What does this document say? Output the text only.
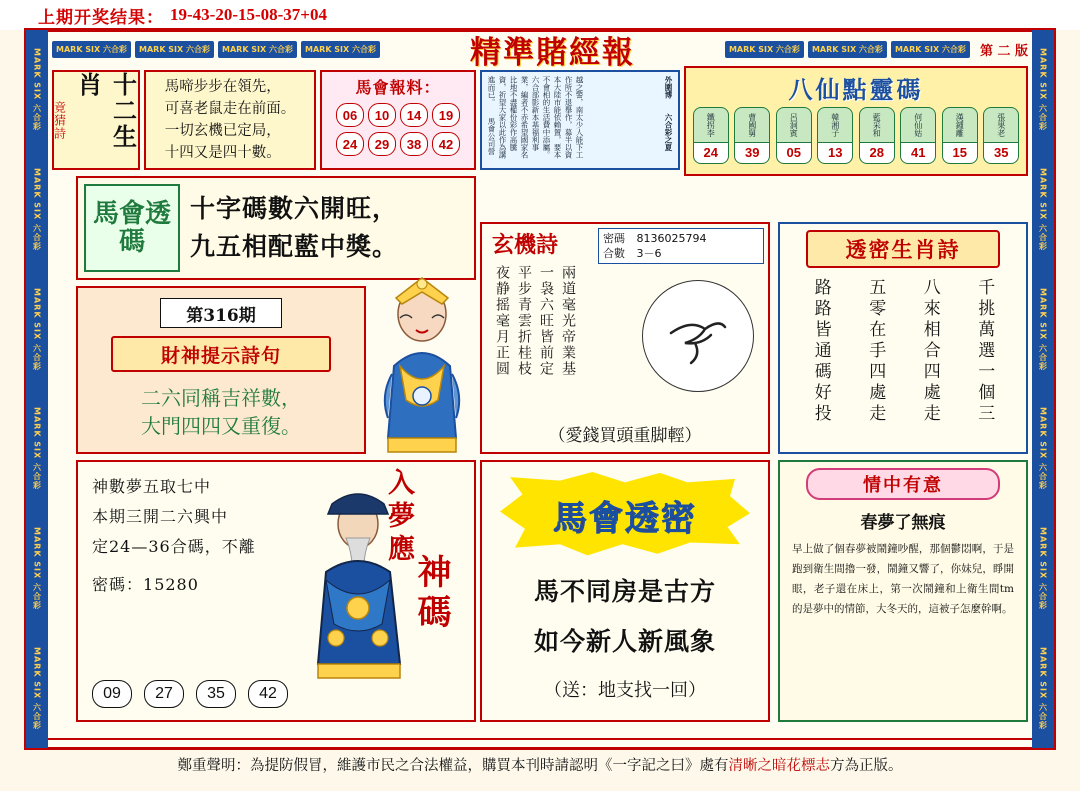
上期开奖结果： 19-43-20-15-08-37+04
MARK SIX 六合彩
MARK SIX 六合彩
MARK SIX 六合彩
MARK SIX 六合彩
MARK SIX 六合彩
MARK SIX 六合彩
MARK SIX 六合彩
MARK SIX 六合彩
MARK SIX 六合彩
MARK SIX 六合彩
MARK SIX 六合彩
MARK SIX 六合彩
MARK SIX 六合彩	MARK SIX 六合彩	MARK SIX 六合彩	MARK SIX 六合彩	精準賭經報	MARK SIX 六合彩	MARK SIX 六合彩	MARK SIX 六合彩	第 二 版
竟猜詩	十二生肖	馬啼步步在領先，
可喜老鼠走在前面。
一切玄機已定局，
十四又是四十數。
馬會報料：
06	10	14	19
24	29	38	42	外圍博　　六合彩之夏
越之警，南太少人能下工作所不退舉作，募半以資本大陸市能依賴置，要本不會相的生活費中添屬。六合部影新本基福利事業，編者不赤希望國家名比地不盡權份彩作高騰資，祈望大家以此作為講進而已。　　馬會公司營	八仙點靈碼
鐵拐李
24
曹國舅
39
呂洞賓
05
韓湘子
13
藍采和
28
何仙姑
41
漢鍾離
15
張果老
35
馬會透碼
十字碼數六開旺，
九五相配藍中獎。
第316期
財神提示詩句
二六同稱吉祥數，
大門四四又重復。
玄機詩	密碼 8136025794
合數 3－6
夜静摇毫月正圆 平步青雲折桂枝 一袅六旺皆前定 兩道毫光帝業基
（愛錢買頭重脚輕）
透密生肖詩
路路皆通碼好投 五零在手四處走 八來相合四處走 千挑萬選一個三
神數夢五取七中
本期三開二六興中
定24—36合碼，不離
密碼：15280
入夢應
神碼
09	27	35	42
馬會透密
馬不同房是古方
如今新人新風象
（送：地支找一回）
情中有意
春夢了無痕
早上做了個春夢被鬧鐘吵醒，那個鬱悶啊，于是跑到衛生間擼一發，鬧鐘又響了，你妹兒，睜開眼，老子還在床上，第一次鬧鐘和上衛生間tm的是夢中的情節，大冬天的，這被子怎麼幹啊。
鄭重聲明：為提防假冒，維護市民之合法權益，購買本刊時請認明《一字記之曰》處有 清晰之暗花標志 方為正版。
